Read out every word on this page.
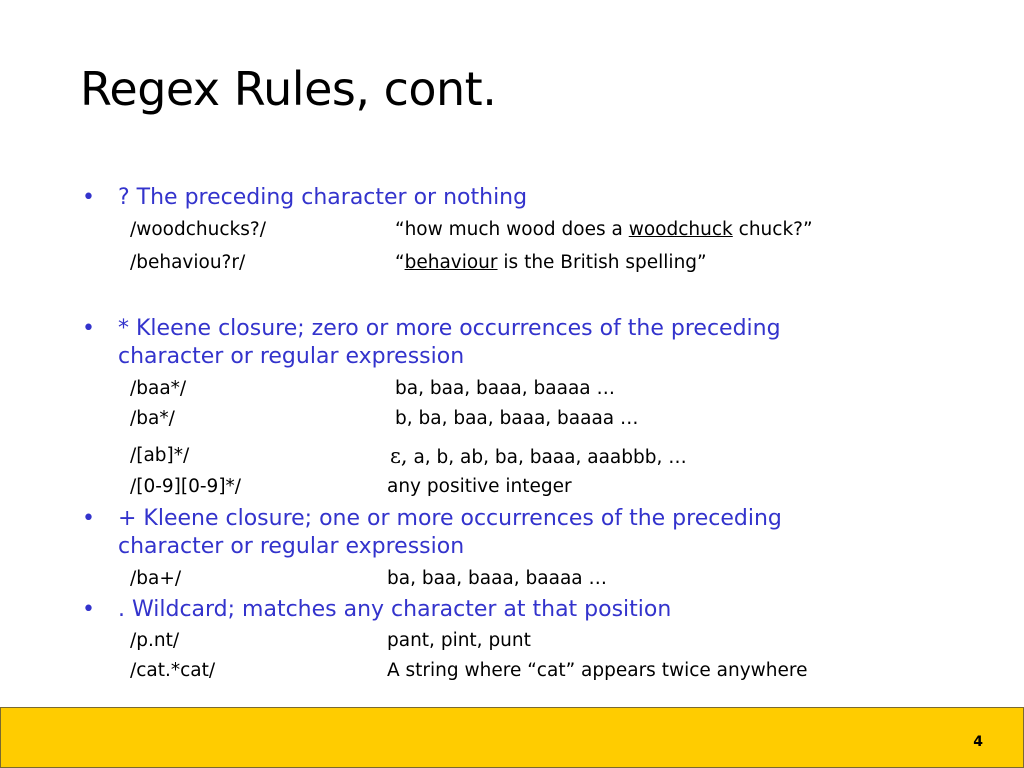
Regex Rules, cont.
• ? The preceding character or nothing
/woodchucks?/	“how much wood does a woodchuck chuck?”
/behaviou?r/	“behaviour is the British spelling”
• * Kleene closure; zero or more occurrences of the preceding
character or regular expression
/baa*/	ba, baa, baaa, baaaa …
/ba*/	b, ba, baa, baaa, baaaa …
/[ab]*/	ε, a, b, ab, ba, baaa, aaabbb, …
/[0-9][0-9]*/	any positive integer
• + Kleene closure; one or more occurrences of the preceding
character or regular expression
/ba+/	ba, baa, baaa, baaaa …
• . Wildcard; matches any character at that position
/p.nt/	pant, pint, punt
/cat.*cat/	A string where “cat” appears twice anywhere
4
